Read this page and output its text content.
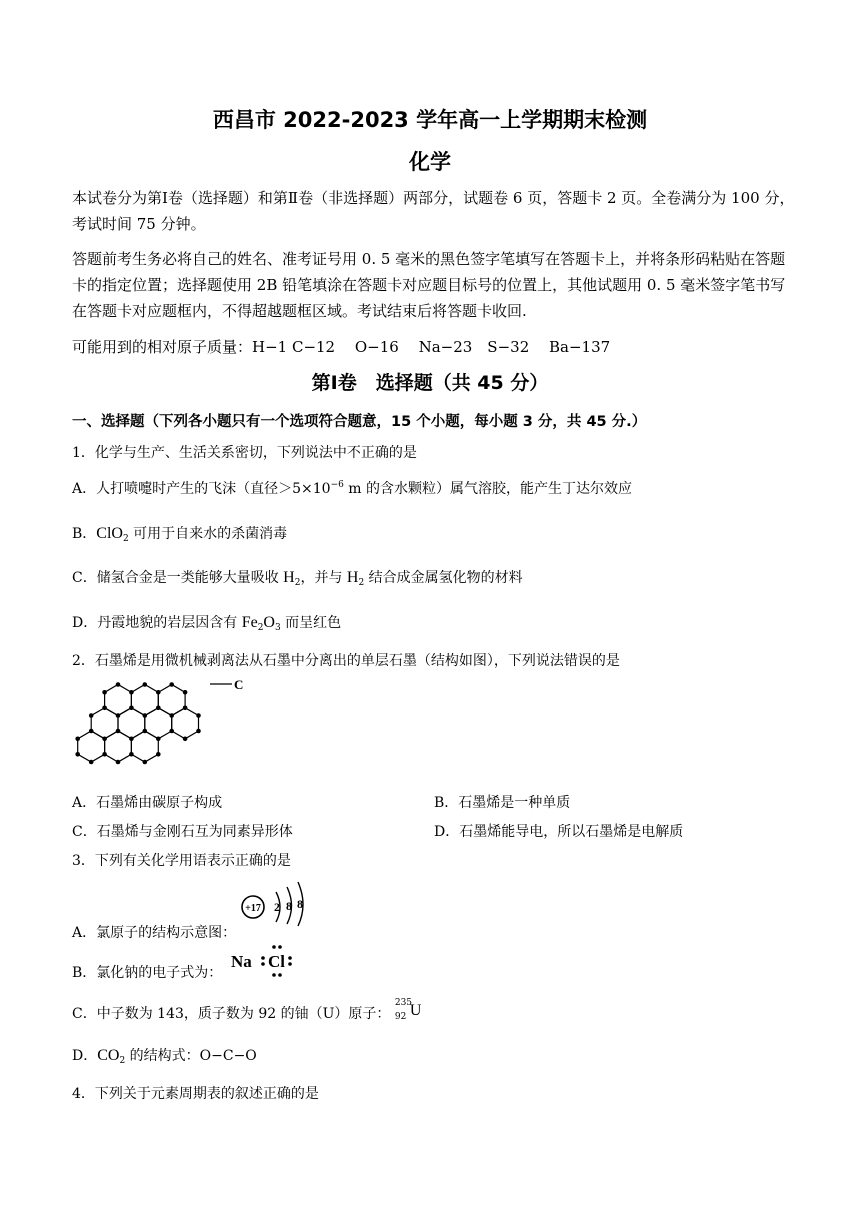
西昌市 2022-2023 学年高一上学期期末检测
化学
本试卷分为第Ⅰ卷（选择题）和第Ⅱ卷（非选择题）两部分，试题卷 6 页，答题卡 2 页。全卷满分为 100 分，考试时间 75 分钟。
答题前考生务必将自己的姓名、准考证号用 0. 5 毫米的黑色签字笔填写在答题卡上，并将条形码粘贴在答题卡的指定位置；选择题使用 2B 铅笔填涂在答题卡对应题目标号的位置上，其他试题用 0. 5 毫米签字笔书写在答题卡对应题框内，不得超越题框区域。考试结束后将答题卡收回.
可能用到的相对原子质量：H−1 C−12　 O−16　 Na−23　S−32　 Ba−137
第Ⅰ卷　选择题（共 45 分）
一、选择题（下列各小题只有一个选项符合题意，15 个小题，每小题 3 分，共 45 分.）
1．化学与生产、生活关系密切，下列说法中不正确的是
A．人打喷嚏时产生的飞沫（直径$>5\times 10^{-6}$ m 的含水颗粒）属气溶胶，能产生丁达尔效应
B．ClO$_2$ 可用于自来水的杀菌消毒
C．储氢合金是一类能够大量吸收 $H_2$，并与 $H_2$ 结合成金属氢化物的材料
D．丹霞地貌的岩层因含有 $Fe_2O_3$ 而呈红色
2．石墨烯是用微机械剥离法从石墨中分离出的单层石墨（结构如图），下列说法错误的是
C
A．石墨烯由碳原子构成	B．石墨烯是一种单质
C．石墨烯与金刚石互为同素异形体	D．石墨烯能导电，所以石墨烯是电解质
3．下列有关化学用语表示正确的是
A．氯原子的结构示意图：
+17 2 8 8
B．氯化钠的电子式为：
Na Cl
C．中子数为 143，质子数为 92 的铀（U）原子：
235
92 U
D．$CO_2$ 的结构式：O−C−O
4．下列关于元素周期表的叙述正确的是
